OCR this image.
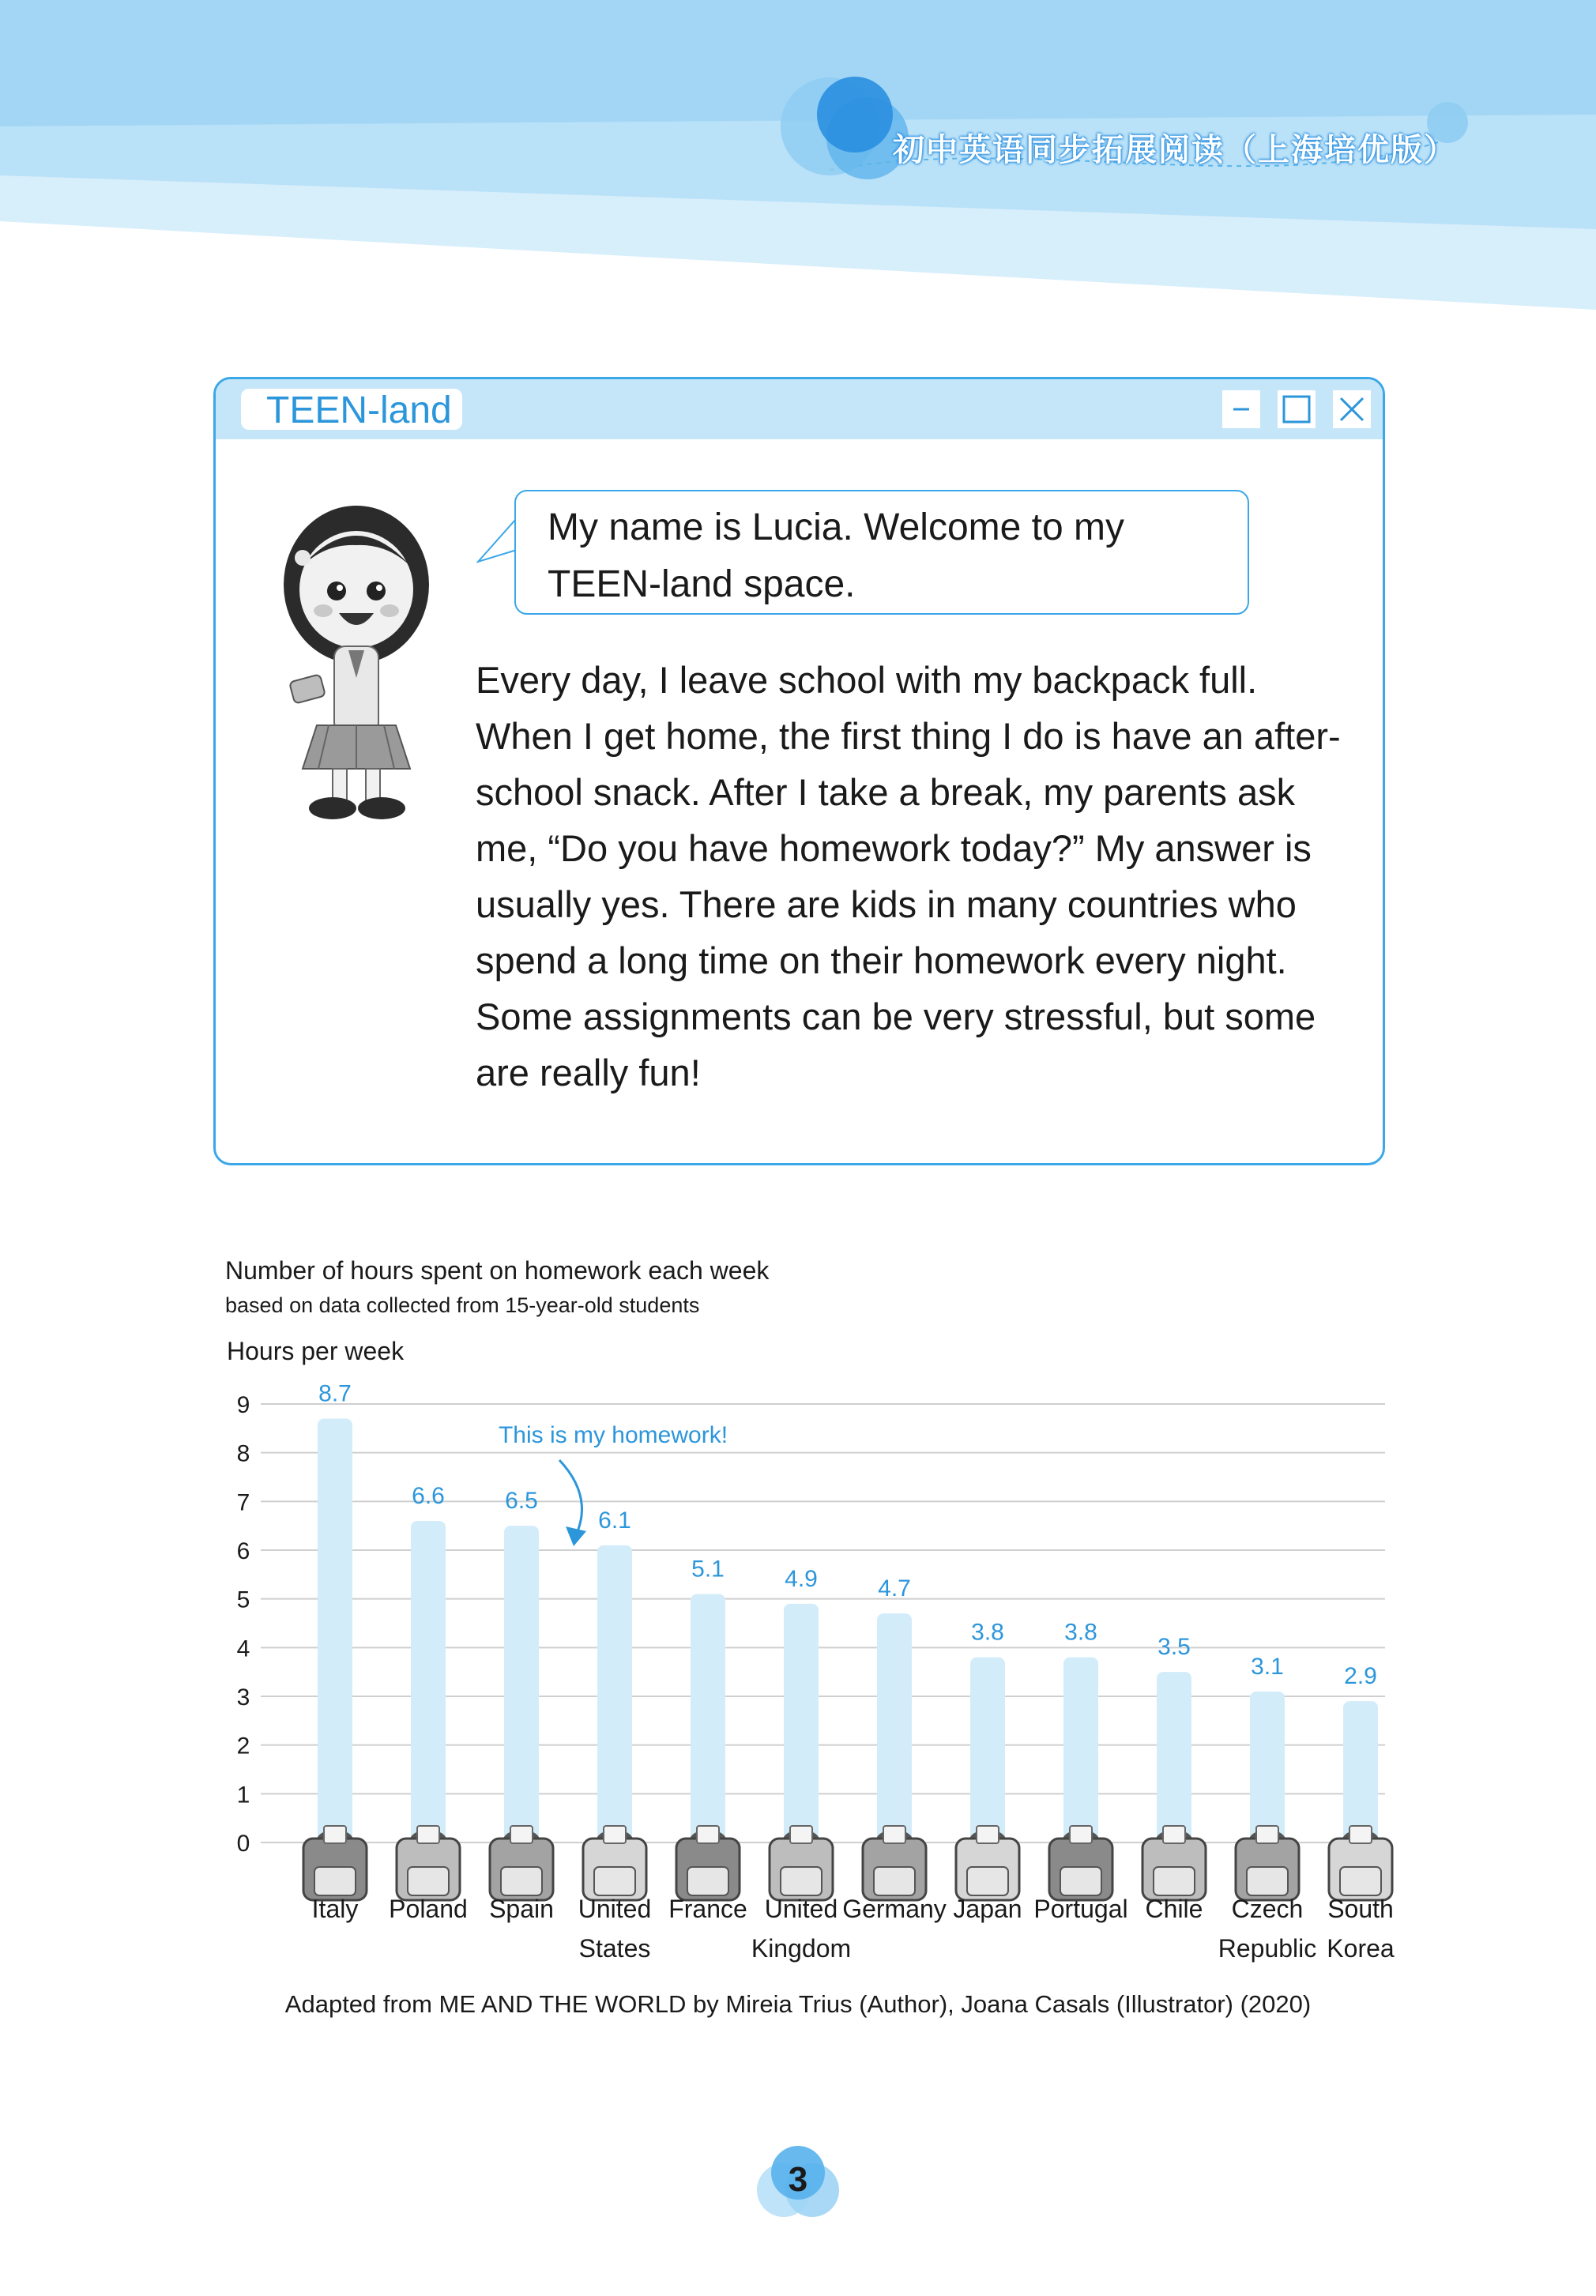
初中英语同步拓展阅读（上海培优版）
TEEN-land
My name is Lucia. Welcome to my TEEN-land space.
Every day, I leave school with my backpack full. When I get home, the first thing I do is have an after-school snack. After I take a break, my parents ask me, “Do you have homework today?” My answer is usually yes. There are kids in many countries who spend a long time on their homework every night. Some assignments can be very stressful, but some are really fun!
Number of hours spent on homework each week
based on data collected from 15-year-old students
Hours per week
0
1
2
3
4
5
6
7
8
9	8.7
6.6	6.5
6.1
5.1	4.9	4.7
3.8	3.8
3.5
3.1	2.9
Italy Poland Spain United
States
France United
Kingdom
Germany Japan Portugal Chile Czech
Republic
South
Korea
This is my homework!
Adapted from ME AND THE WORLD by Mireia Trius (Author), Joana Casals (Illustrator) (2020)
3
